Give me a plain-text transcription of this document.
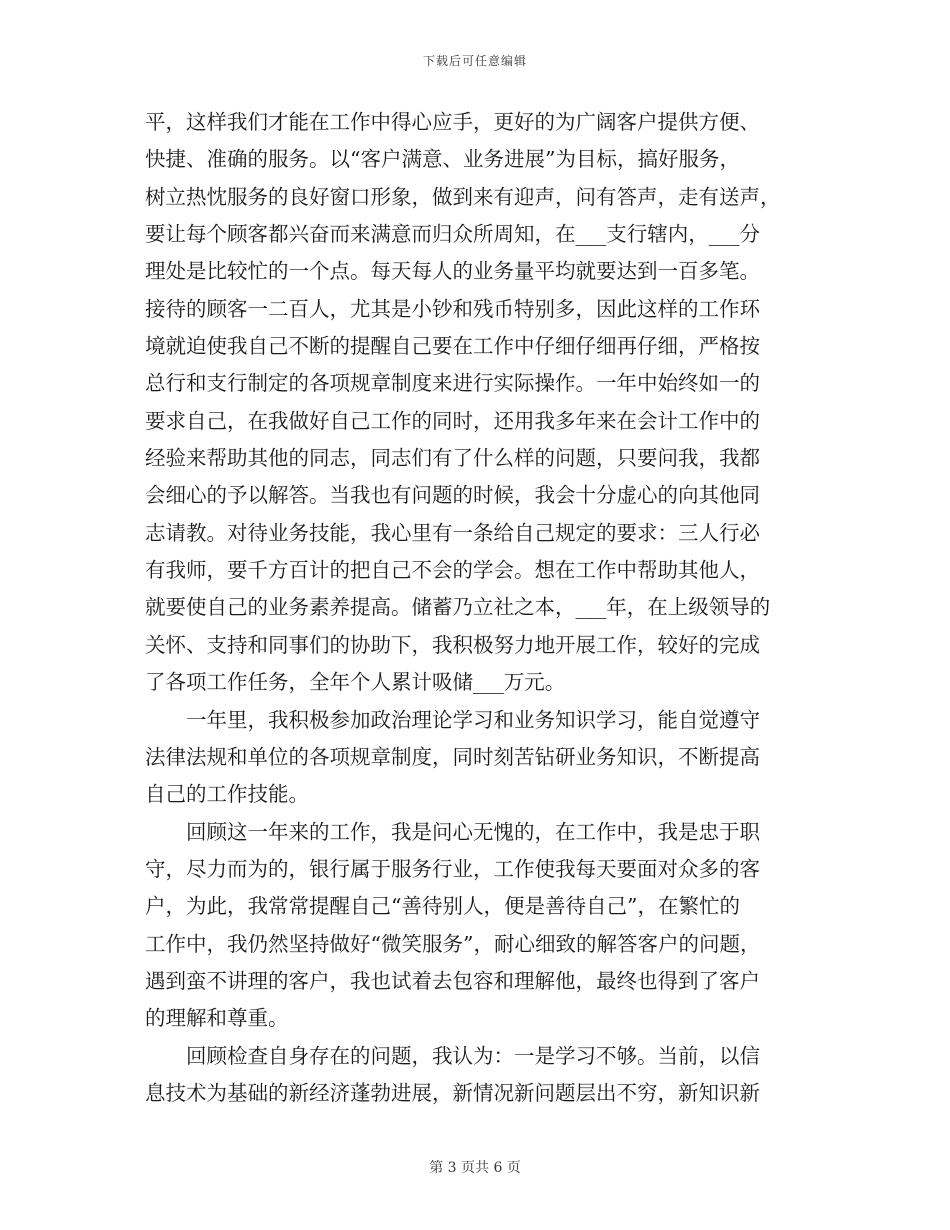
下载后可任意编辑
平，这样我们才能在工作中得心应手，更好的为广阔客户提供方便、
快捷、准确的服务。以“客户满意、业务进展”为目标，搞好服务，
树立热忱服务的良好窗口形象，做到来有迎声，问有答声，走有送声，
要让每个顾客都兴奋而来满意而归众所周知，在___支行辖内，___分
理处是比较忙的一个点。每天每人的业务量平均就要达到一百多笔。
接待的顾客一二百人，尤其是小钞和残币特别多，因此这样的工作环
境就迫使我自己不断的提醒自己要在工作中仔细仔细再仔细，严格按
总行和支行制定的各项规章制度来进行实际操作。一年中始终如一的
要求自己，在我做好自己工作的同时，还用我多年来在会计工作中的
经验来帮助其他的同志，同志们有了什么样的问题，只要问我，我都
会细心的予以解答。当我也有问题的时候，我会十分虚心的向其他同
志请教。对待业务技能，我心里有一条给自己规定的要求：三人行必
有我师，要千方百计的把自己不会的学会。想在工作中帮助其他人，
就要使自己的业务素养提高。储蓄乃立社之本，___年，在上级领导的
关怀、支持和同事们的协助下，我积极努力地开展工作，较好的完成
了各项工作任务，全年个人累计吸储___万元。
一年里，我积极参加政治理论学习和业务知识学习，能自觉遵守
法律法规和单位的各项规章制度，同时刻苦钻研业务知识，不断提高
自己的工作技能。
回顾这一年来的工作，我是问心无愧的，在工作中，我是忠于职
守，尽力而为的，银行属于服务行业，工作使我每天要面对众多的客
户，为此，我常常提醒自己“善待别人，便是善待自己”，在繁忙的
工作中，我仍然坚持做好“微笑服务”，耐心细致的解答客户的问题，
遇到蛮不讲理的客户，我也试着去包容和理解他，最终也得到了客户
的理解和尊重。
回顾检查自身存在的问题，我认为：一是学习不够。当前，以信
息技术为基础的新经济蓬勃进展，新情况新问题层出不穷，新知识新
第 3 页共 6 页
